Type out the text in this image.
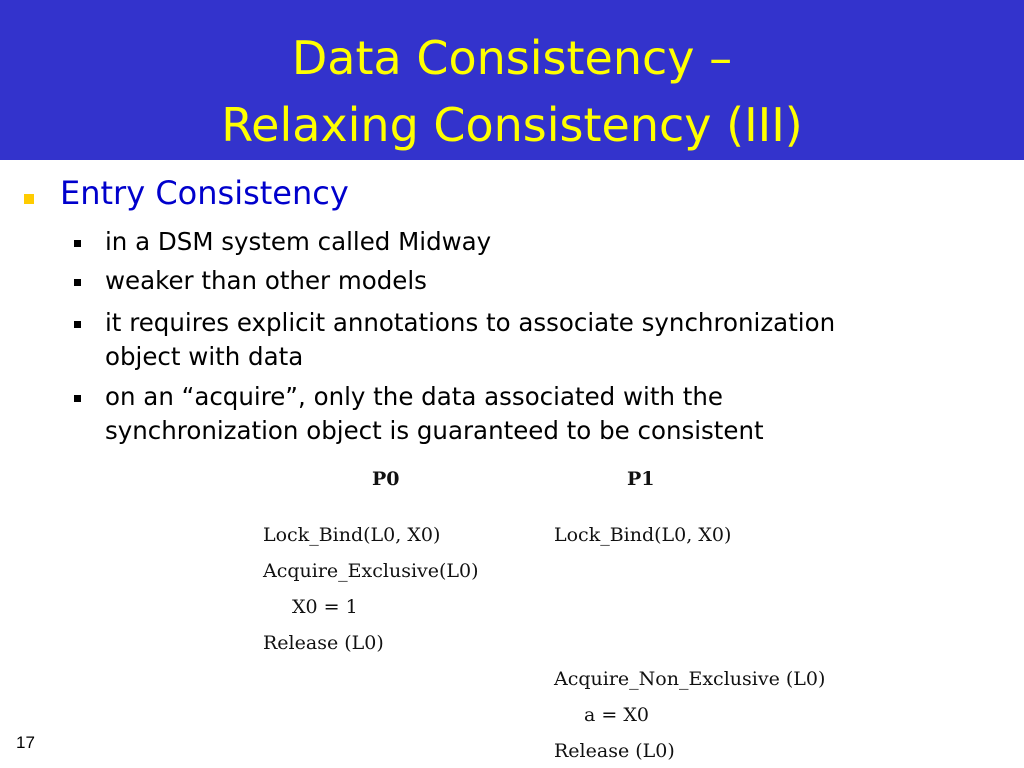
Data Consistency –
Relaxing Consistency (III)
Entry Consistency
in a DSM system called Midway
weaker than other models
it requires explicit annotations to associate synchronization
object with data
on an “acquire”, only the data associated with the
synchronization object is guaranteed to be consistent
P0	P1
Lock_Bind(L0, X0)
Acquire_Exclusive(L0)
X0 = 1
Release (L0)
Lock_Bind(L0, X0)
Acquire_Non_Exclusive (L0)
a = X0
Release (L0)
17
